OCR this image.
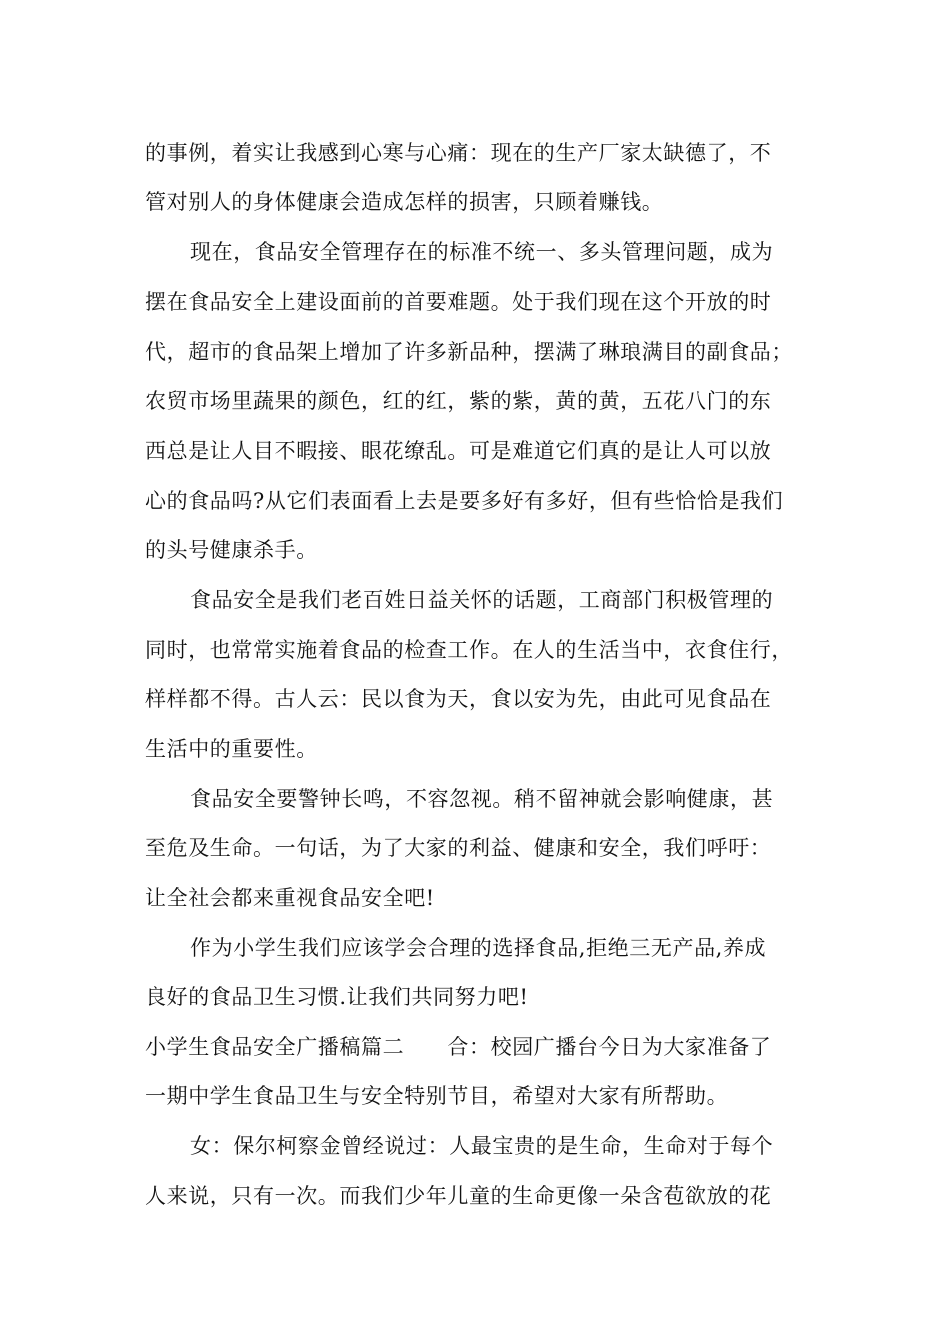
的事例，着实让我感到心寒与心痛：现在的生产厂家太缺德了，不

管对别人的身体健康会造成怎样的损害，只顾着赚钱。

现在，食品安全管理存在的标准不统一、多头管理问题，成为

摆在食品安全上建设面前的首要难题。处于我们现在这个开放的时

代，超市的食品架上增加了许多新品种，摆满了琳琅满目的副食品；

农贸市场里蔬果的颜色，红的红，紫的紫，黄的黄，五花八门的东

西总是让人目不暇接、眼花缭乱。可是难道它们真的是让人可以放

心的食品吗?从它们表面看上去是要多好有多好，但有些恰恰是我们

的头号健康杀手。

食品安全是我们老百姓日益关怀的话题，工商部门积极管理的

同时，也常常实施着食品的检查工作。在人的生活当中，衣食住行，

样样都不得。古人云：民以食为天，食以安为先，由此可见食品在

生活中的重要性。

食品安全要警钟长鸣，不容忽视。稍不留神就会影响健康，甚

至危及生命。一句话，为了大家的利益、健康和安全，我们呼吁：

让全社会都来重视食品安全吧!

作为小学生我们应该学会合理的选择食品,拒绝三无产品,养成

良好的食品卫生习惯.让我们共同努力吧!

小学生食品安全广播稿篇二　　合：校园广播台今日为大家准备了

一期中学生食品卫生与安全特别节目，希望对大家有所帮助。

女：保尔柯察金曾经说过：人最宝贵的是生命，生命对于每个

人来说，只有一次。而我们少年儿童的生命更像一朵含苞欲放的花
